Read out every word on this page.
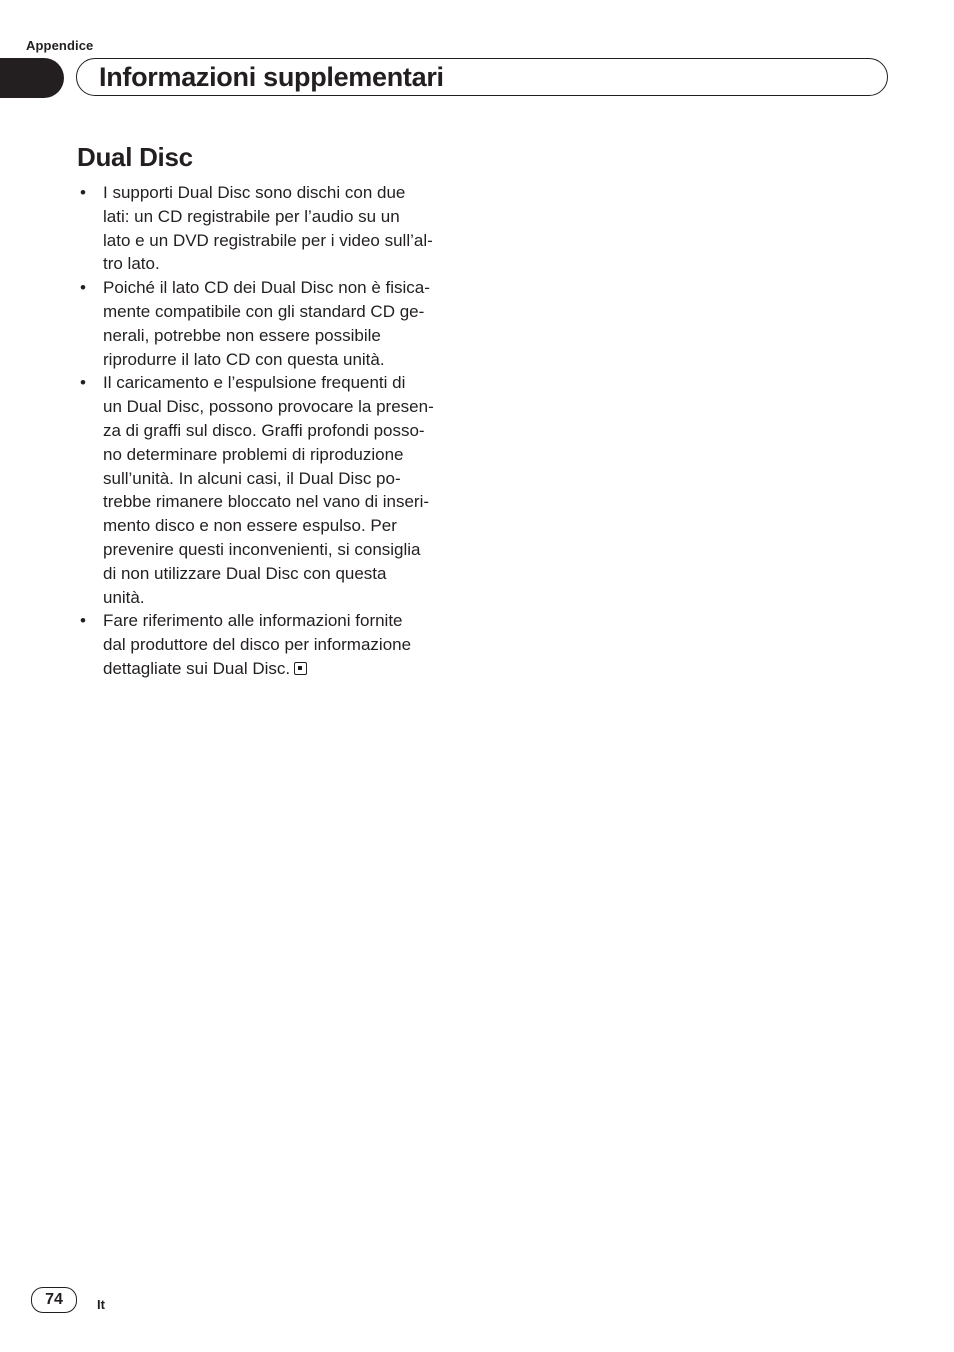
Appendice
Informazioni supplementari
Dual Disc
• I supporti Dual Disc sono dischi con due
lati: un CD registrabile per l’audio su un
lato e un DVD registrabile per i video sull’al-
tro lato.
• Poiché il lato CD dei Dual Disc non è fisica-
mente compatibile con gli standard CD ge-
nerali, potrebbe non essere possibile
riprodurre il lato CD con questa unità.
• Il caricamento e l’espulsione frequenti di
un Dual Disc, possono provocare la presen-
za di graffi sul disco. Graffi profondi posso-
no determinare problemi di riproduzione
sull’unità. In alcuni casi, il Dual Disc po-
trebbe rimanere bloccato nel vano di inseri-
mento disco e non essere espulso. Per
prevenire questi inconvenienti, si consiglia
di non utilizzare Dual Disc con questa
unità.
• Fare riferimento alle informazioni fornite
dal produttore del disco per informazione
dettagliate sui Dual Disc.
74	It
